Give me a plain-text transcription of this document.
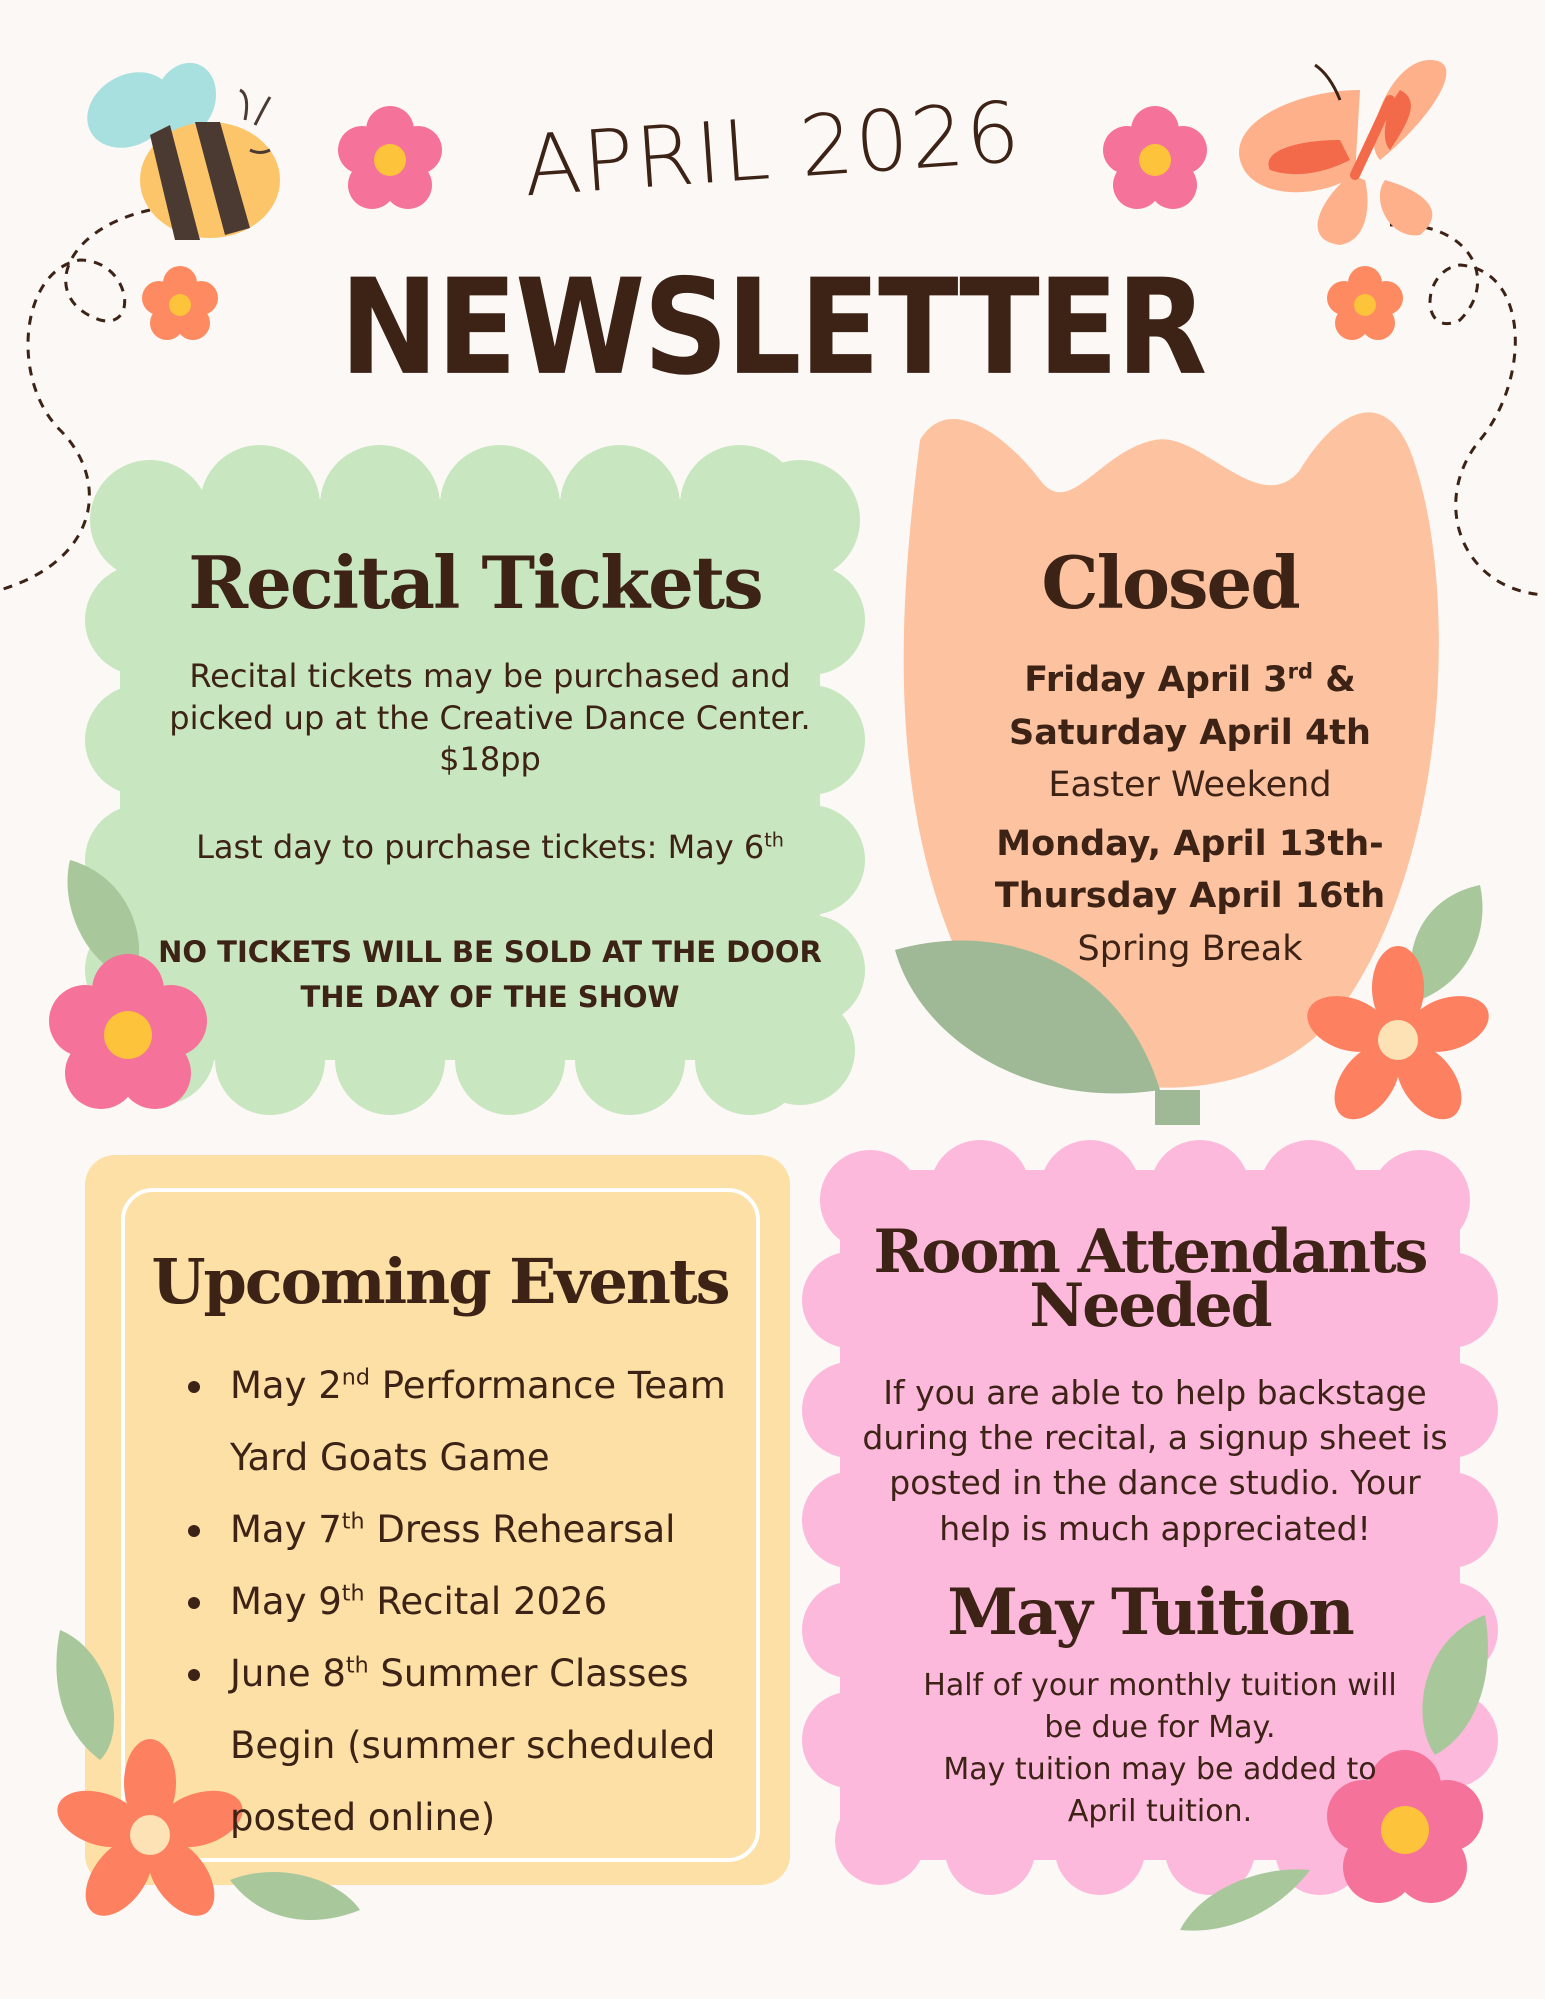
APRIL 2026
NEWSLETTER
Recital Tickets

Recital tickets may be purchased and

picked up at the Creative Dance Center.

$18pp

Last day to purchase tickets: May 6th

NO TICKETS WILL BE SOLD AT THE DOOR
THE DAY OF THE SHOW
Closed
Friday April 3rd &
Saturday April 4th
Easter Weekend
Monday, April 13th-
Thursday April 16th
Spring Break
Upcoming Events
May 2nd Performance Team Yard Goats Game
May 7th Dress Rehearsal
May 9th Recital 2026
June 8th Summer Classes Begin (summer scheduled posted online)
Room Attendants
Needed
If you are able to help backstage during the recital, a signup sheet is posted in the dance studio. Your help is much appreciated!
May Tuition
Half of your monthly tuition will
be due for May.
May tuition may be added to
April tuition.
